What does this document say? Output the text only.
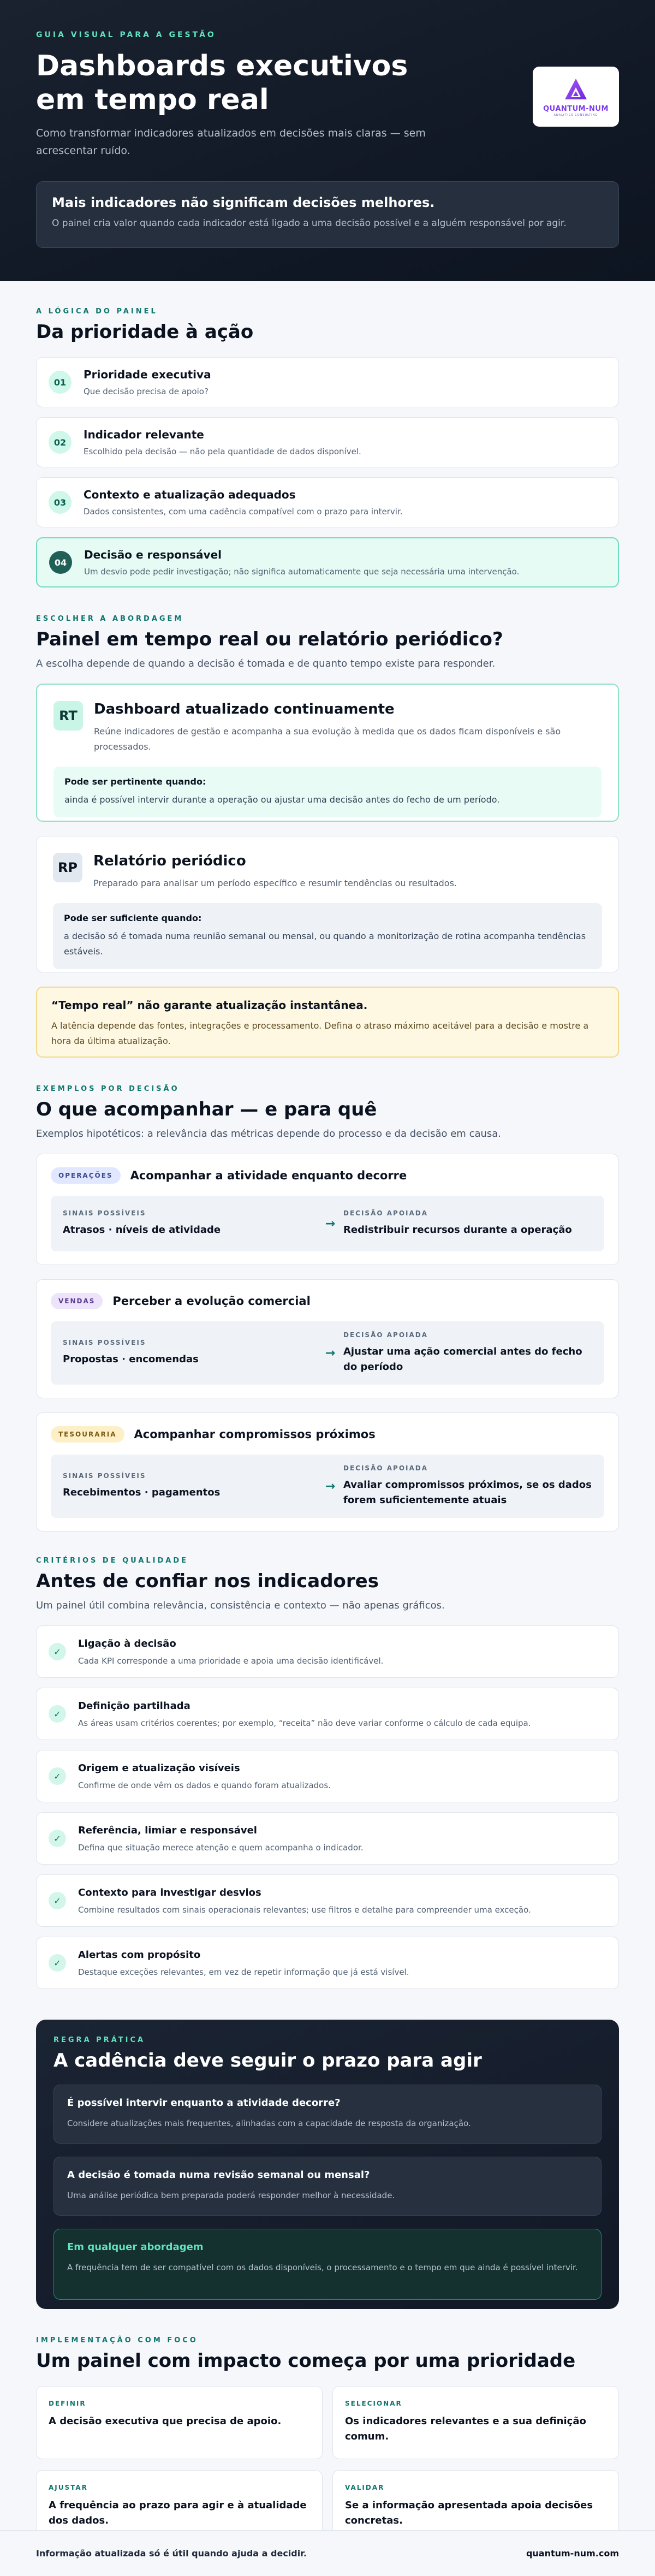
GUIA VISUAL PARA A GESTÃO
Dashboards executivos em tempo real

Como transformar indicadores atualizados em decisões mais claras — sem acrescentar ruído.

QUANTUM-NUM
ANALYTICS CONSULTING
Mais indicadores não significam decisões melhores.
O painel cria valor quando cada indicador está ligado a uma decisão possível e a alguém responsável por agir.
A LÓGICA DO PAINEL
Da prioridade à ação
01
Prioridade executiva
Que decisão precisa de apoio?
02
Indicador relevante
Escolhido pela decisão — não pela quantidade de dados disponível.
03
Contexto e atualização adequados
Dados consistentes, com uma cadência compatível com o prazo para intervir.
04
Decisão e responsável
Um desvio pode pedir investigação; não significa automaticamente que seja necessária uma intervenção.
ESCOLHER A ABORDAGEM
Painel em tempo real ou relatório periódico?

A escolha depende de quando a decisão é tomada e de quanto tempo existe para responder.

RT	Dashboard atualizado continuamente
Reúne indicadores de gestão e acompanha a sua evolução à medida que os dados ficam disponíveis e são processados.
Pode ser pertinente quando:
ainda é possível intervir durante a operação ou ajustar uma decisão antes do fecho de um período.
RP	Relatório periódico
Preparado para analisar um período específico e resumir tendências ou resultados.
Pode ser suficiente quando:
a decisão só é tomada numa reunião semanal ou mensal, ou quando a monitorização de rotina acompanha tendências estáveis.
“Tempo real” não garante atualização instantânea.
A latência depende das fontes, integrações e processamento. Defina o atraso máximo aceitável para a decisão e mostre a hora da última atualização.
EXEMPLOS POR DECISÃO
O que acompanhar — e para quê

Exemplos hipotéticos: a relevância das métricas depende do processo e da decisão em causa.

OPERAÇÕES	Acompanhar a atividade enquanto decorre
SINAIS POSSÍVEIS
Atrasos · níveis de atividade	→
DECISÃO APOIADA
Redistribuir recursos durante a operação
VENDAS	Perceber a evolução comercial
SINAIS POSSÍVEIS
Propostas · encomendas	→
DECISÃO APOIADA
Ajustar uma ação comercial antes do fecho do período
TESOURARIA	Acompanhar compromissos próximos
SINAIS POSSÍVEIS
Recebimentos · pagamentos	→
DECISÃO APOIADA
Avaliar compromissos próximos, se os dados forem suficientemente atuais
CRITÉRIOS DE QUALIDADE
Antes de confiar nos indicadores

Um painel útil combina relevância, consistência e contexto — não apenas gráficos.

✓
Ligação à decisão
Cada KPI corresponde a uma prioridade e apoia uma decisão identificável.
✓
Definição partilhada
As áreas usam critérios coerentes; por exemplo, “receita” não deve variar conforme o cálculo de cada equipa.
✓
Origem e atualização visíveis
Confirme de onde vêm os dados e quando foram atualizados.
✓
Referência, limiar e responsável
Defina que situação merece atenção e quem acompanha o indicador.
✓
Contexto para investigar desvios
Combine resultados com sinais operacionais relevantes; use filtros e detalhe para compreender uma exceção.
✓
Alertas com propósito
Destaque exceções relevantes, em vez de repetir informação que já está visível.
REGRA PRÁTICA
A cadência deve seguir o prazo para agir
É possível intervir enquanto a atividade decorre?
Considere atualizações mais frequentes, alinhadas com a capacidade de resposta da organização.
A decisão é tomada numa revisão semanal ou mensal?
Uma análise periódica bem preparada poderá responder melhor à necessidade.
Em qualquer abordagem
A frequência tem de ser compatível com os dados disponíveis, o processamento e o tempo em que ainda é possível intervir.
IMPLEMENTAÇÃO COM FOCO
Um painel com impacto começa por uma prioridade
DEFINIR
A decisão executiva que precisa de apoio.
SELECIONAR
Os indicadores relevantes e a sua definição comum.
AJUSTAR
A frequência ao prazo para agir e à atualidade dos dados.
VALIDAR
Se a informação apresentada apoia decisões concretas.
Informação atualizada só é útil quando ajuda a decidir.	quantum-num.com
